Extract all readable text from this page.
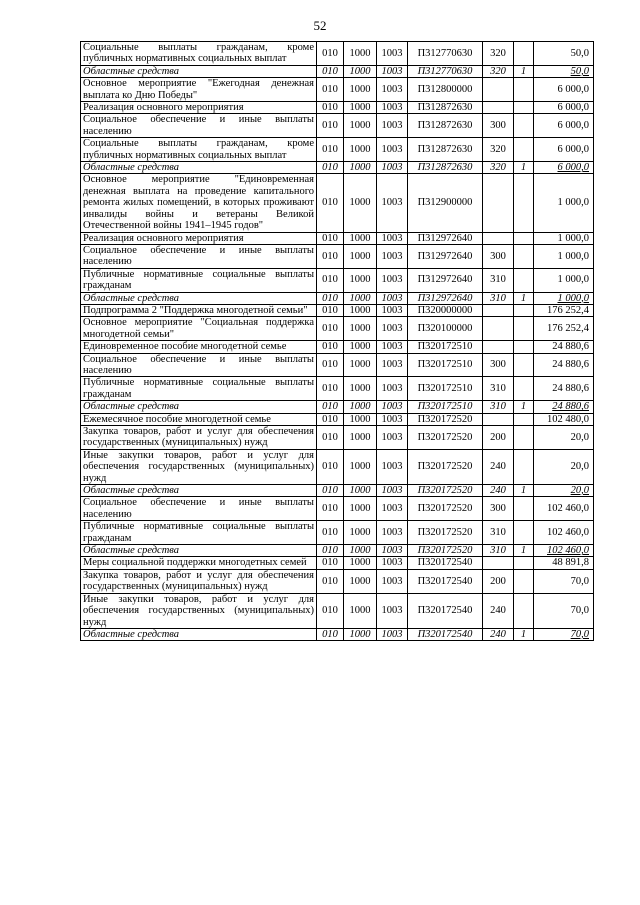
52
Социальные выплаты гражданам, кроме публичных нормативных социальных выплат	010	1000	1003	П312770630	320		50,0
Областные средства	010	1000	1003	П312770630	320	1	50,0
Основное мероприятие "Ежегодная денежная выплата ко Дню Победы"	010	1000	1003	П312800000			6 000,0
Реализация основного мероприятия	010	1000	1003	П312872630			6 000,0
Социальное обеспечение и иные выплаты населению	010	1000	1003	П312872630	300		6 000,0
Социальные выплаты гражданам, кроме публичных нормативных социальных выплат	010	1000	1003	П312872630	320		6 000,0
Областные средства	010	1000	1003	П312872630	320	1	6 000,0
Основное мероприятие "Единовременная денежная выплата на проведение капитального ремонта жилых помещений, в которых проживают инвалиды войны и ветераны Великой Отечественной войны 1941–1945 годов"	010	1000	1003	П312900000			1 000,0
Реализация основного мероприятия	010	1000	1003	П312972640			1 000,0
Социальное обеспечение и иные выплаты населению	010	1000	1003	П312972640	300		1 000,0
Публичные нормативные социальные выплаты гражданам	010	1000	1003	П312972640	310		1 000,0
Областные средства	010	1000	1003	П312972640	310	1	1 000,0
Подпрограмма 2 "Поддержка многодетной семьи"	010	1000	1003	П320000000			176 252,4
Основное мероприятие "Социальная поддержка многодетной семьи"	010	1000	1003	П320100000			176 252,4
Единовременное пособие многодетной семье	010	1000	1003	П320172510			24 880,6
Социальное обеспечение и иные выплаты населению	010	1000	1003	П320172510	300		24 880,6
Публичные нормативные социальные выплаты гражданам	010	1000	1003	П320172510	310		24 880,6
Областные средства	010	1000	1003	П320172510	310	1	24 880,6
Ежемесячное пособие многодетной семье	010	1000	1003	П320172520			102 480,0
Закупка товаров, работ и услуг для обеспечения государственных (муниципальных) нужд	010	1000	1003	П320172520	200		20,0
Иные закупки товаров, работ и услуг для обеспечения государственных (муниципальных) нужд	010	1000	1003	П320172520	240		20,0
Областные средства	010	1000	1003	П320172520	240	1	20,0
Социальное обеспечение и иные выплаты населению	010	1000	1003	П320172520	300		102 460,0
Публичные нормативные социальные выплаты гражданам	010	1000	1003	П320172520	310		102 460,0
Областные средства	010	1000	1003	П320172520	310	1	102 460,0
Меры социальной поддержки многодетных семей	010	1000	1003	П320172540			48 891,8
Закупка товаров, работ и услуг для обеспечения государственных (муниципальных) нужд	010	1000	1003	П320172540	200		70,0
Иные закупки товаров, работ и услуг для обеспечения государственных (муниципальных) нужд	010	1000	1003	П320172540	240		70,0
Областные средства	010	1000	1003	П320172540	240	1	70,0
